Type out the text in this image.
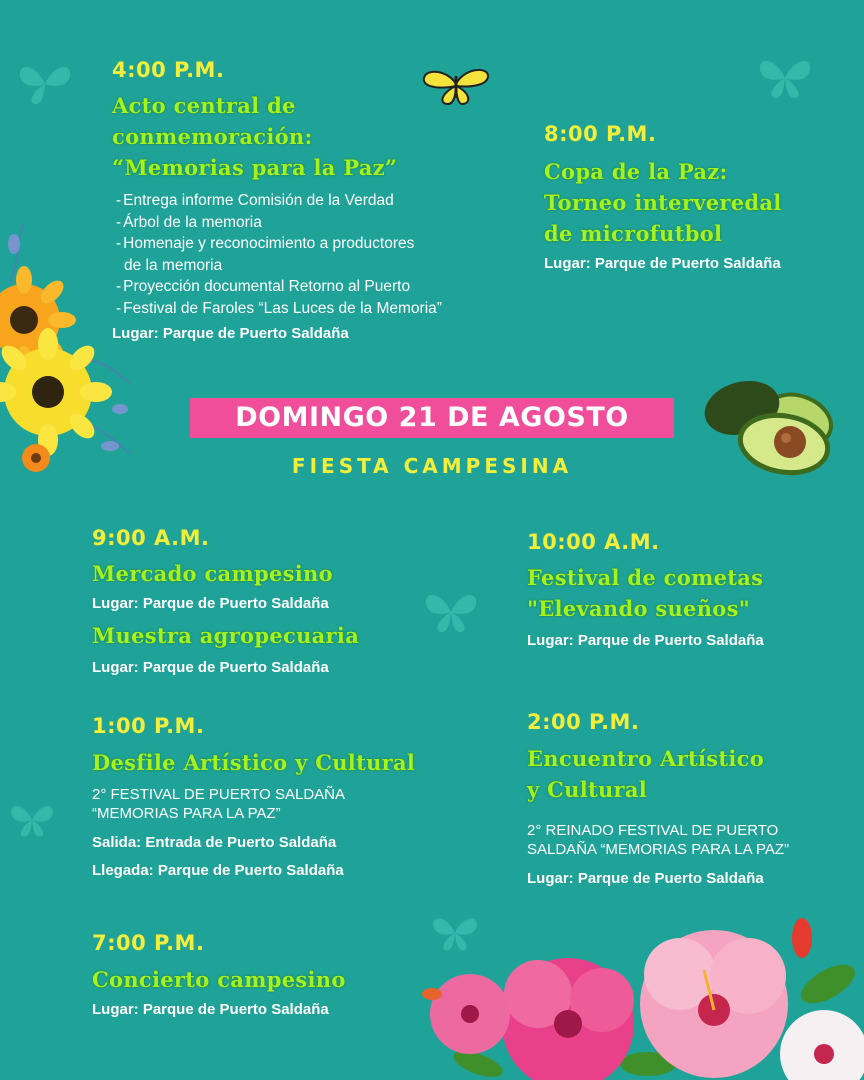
4:00 P.M.
Acto central de
conmemoración:
“Memorias para la Paz”
- Entrega informe Comisión de la Verdad
- Árbol de la memoria
- Homenaje y reconocimiento a productores
de la memoria
- Proyección documental Retorno al Puerto
- Festival de Faroles “Las Luces de la Memoria”
Lugar: Parque de Puerto Saldaña
8:00 P.M.
Copa de la Paz:
Torneo interveredal
de microfutbol
Lugar: Parque de Puerto Saldaña
DOMINGO 21 DE AGOSTO
FIESTA CAMPESINA
9:00 A.M.
Mercado campesino
Lugar: Parque de Puerto Saldaña
Muestra agropecuaria
Lugar: Parque de Puerto Saldaña
10:00 A.M.
Festival de cometas
"Elevando sueños"
Lugar: Parque de Puerto Saldaña
1:00 P.M.
Desfile Artístico y Cultural
2° FESTIVAL DE PUERTO SALDAÑA
“MEMORIAS PARA LA PAZ”
Salida: Entrada de Puerto Saldaña
Llegada: Parque de Puerto Saldaña
2:00 P.M.
Encuentro Artístico
y Cultural
2° REINADO FESTIVAL DE PUERTO
SALDAÑA “MEMORIAS PARA LA PAZ”
Lugar: Parque de Puerto Saldaña
7:00 P.M.
Concierto campesino
Lugar: Parque de Puerto Saldaña
